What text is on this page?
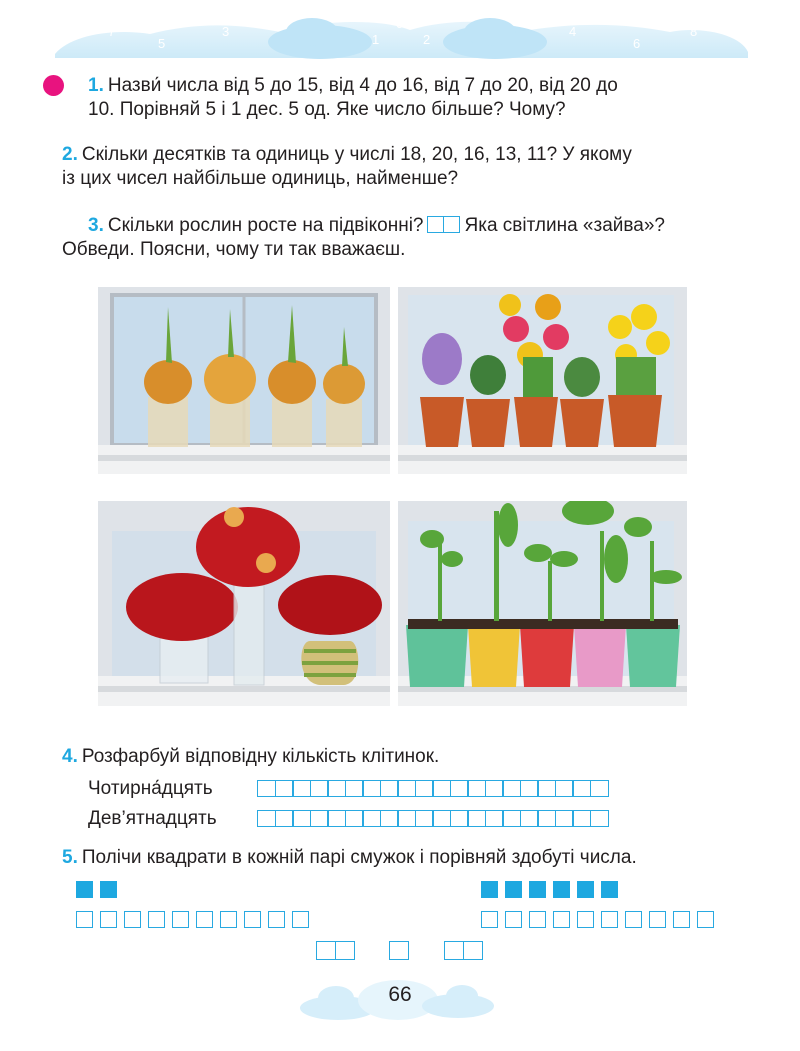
7
5
3
1
0
2
4
6
8
1. Назви́ числа від 5 до 15, від 4 до 16, від 7 до 20, від 20 до
10. Порівняй 5 і 1 дес. 5 од. Яке число більше? Чому?
2. Скільки десятків та одиниць у числі 18, 20, 16, 13, 11? У якому
із цих чисел найбільше одиниць, найменше?
3. Скільки рослин росте на підвіконні? Яка світлина «зайва»?
Обведи. Поясни, чому ти так вважаєш.
4. Розфарбуй відповідну кількість клітинок.
Чотирна́дцять
Дев’ятнадцять
5. Полічи квадрати в кожній парі смужок і порівняй здобуті числа.
66
